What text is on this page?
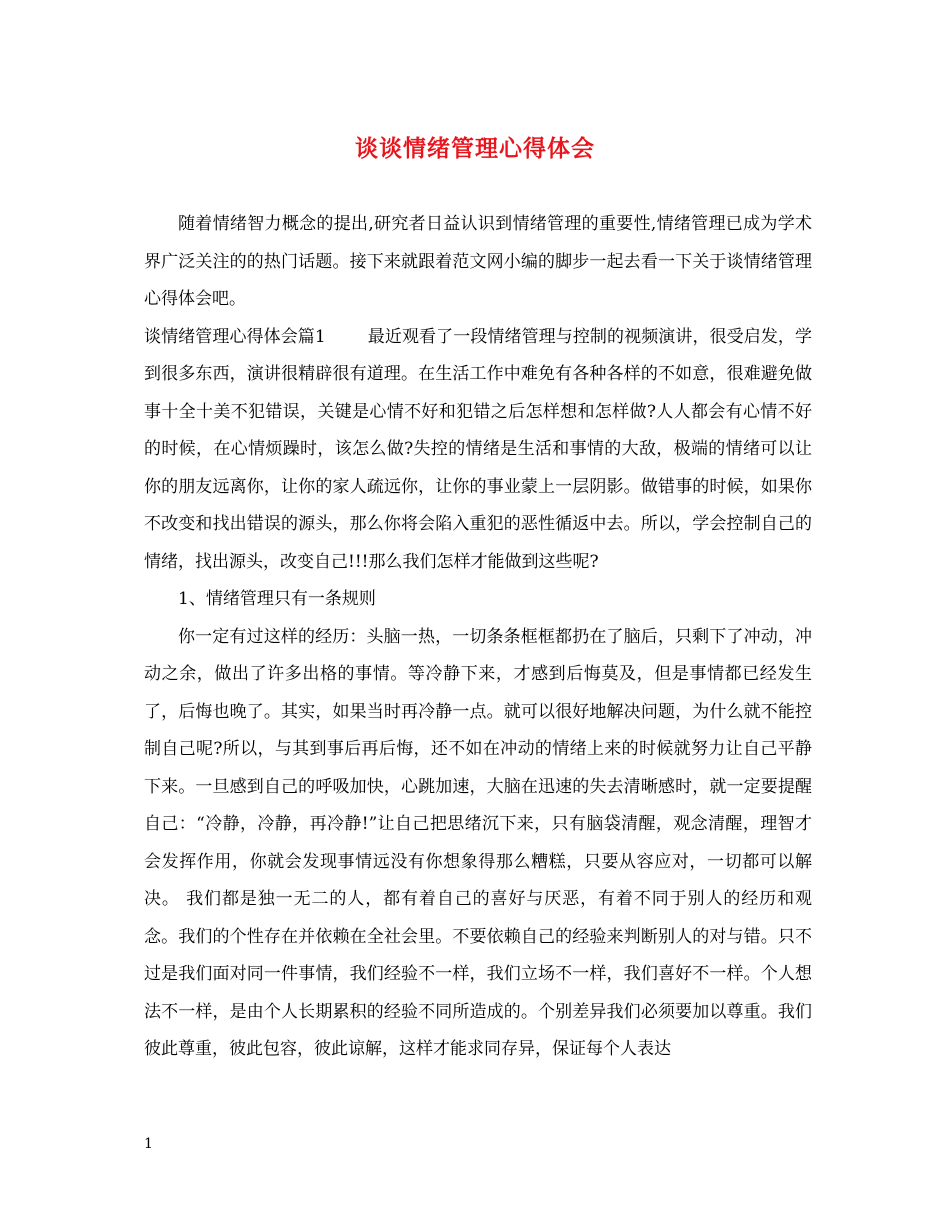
谈谈情绪管理心得体会

随着情绪智力概念的提出,研究者日益认识到情绪管理的重要性,情绪管理已成为学术界广泛关注的的热门话题。接下来就跟着范文网小编的脚步一起去看一下关于谈情绪管理心得体会吧。

谈情绪管理心得体会篇1 最近观看了一段情绪管理与控制的视频演讲，很受启发，学到很多东西，演讲很精辟很有道理。在生活工作中难免有各种各样的不如意，很难避免做事十全十美不犯错误，关键是心情不好和犯错之后怎样想和怎样做?人人都会有心情不好的时候，在心情烦躁时，该怎么做?失控的情绪是生活和事情的大敌，极端的情绪可以让你的朋友远离你，让你的家人疏远你，让你的事业蒙上一层阴影。做错事的时候，如果你不改变和找出错误的源头，那么你将会陷入重犯的恶性循返中去。所以，学会控制自己的情绪，找出源头，改变自己!!!那么我们怎样才能做到这些呢?

1、情绪管理只有一条规则

你一定有过这样的经历：头脑一热，一切条条框框都扔在了脑后，只剩下了冲动，冲动之余，做出了许多出格的事情。等冷静下来，才感到后悔莫及，但是事情都已经发生了，后悔也晚了。其实，如果当时再冷静一点。就可以很好地解决问题，为什么就不能控制自己呢?所以，与其到事后再后悔，还不如在冲动的情绪上来的时候就努力让自己平静下来。一旦感到自己的呼吸加快，心跳加速，大脑在迅速的失去清晰感时，就一定要提醒自己：“冷静，冷静，再冷静!”让自己把思绪沉下来，只有脑袋清醒，观念清醒，理智才会发挥作用，你就会发现事情远没有你想象得那么糟糕，只要从容应对，一切都可以解决。 我们都是独一无二的人，都有着自己的喜好与厌恶，有着不同于别人的经历和观念。我们的个性存在并依赖在全社会里。不要依赖自己的经验来判断别人的对与错。只不过是我们面对同一件事情，我们经验不一样，我们立场不一样，我们喜好不一样。个人想法不一样，是由个人长期累积的经验不同所造成的。个别差异我们必须要加以尊重。我们彼此尊重，彼此包容，彼此谅解，这样才能求同存异，保证每个人表达

1
